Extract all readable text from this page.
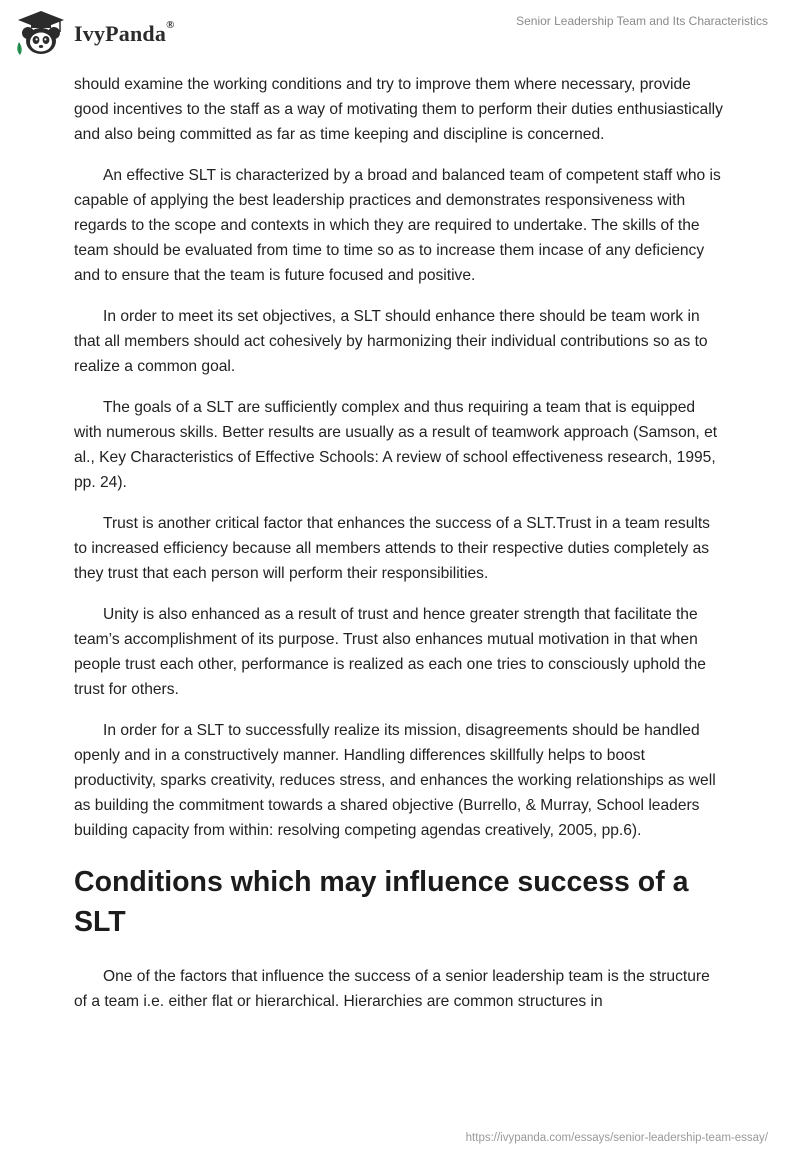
IvyPanda®	Senior Leadership Team and Its Characteristics

should examine the working conditions and try to improve them where necessary, provide good incentives to the staff as a way of motivating them to perform their duties enthusiastically and also being committed as far as time keeping and discipline is concerned.

An effective SLT is characterized by a broad and balanced team of competent staff who is capable of applying the best leadership practices and demonstrates responsiveness with regards to the scope and contexts in which they are required to undertake. The skills of the team should be evaluated from time to time so as to increase them incase of any deficiency and to ensure that the team is future focused and positive.

In order to meet its set objectives, a SLT should enhance there should be team work in that all members should act cohesively by harmonizing their individual contributions so as to realize a common goal.

The goals of a SLT are sufficiently complex and thus requiring a team that is equipped with numerous skills. Better results are usually as a result of teamwork approach (Samson, et al., Key Characteristics of Effective Schools: A review of school effectiveness research, 1995, pp. 24).

Trust is another critical factor that enhances the success of a SLT.Trust in a team results to increased efficiency because all members attends to their respective duties completely as they trust that each person will perform their responsibilities.

Unity is also enhanced as a result of trust and hence greater strength that facilitate the team’s accomplishment of its purpose. Trust also enhances mutual motivation in that when people trust each other, performance is realized as each one tries to consciously uphold the trust for others.

In order for a SLT to successfully realize its mission, disagreements should be handled openly and in a constructively manner. Handling differences skillfully helps to boost productivity, sparks creativity, reduces stress, and enhances the working relationships as well as building the commitment towards a shared objective (Burrello, & Murray, School leaders building capacity from within: resolving competing agendas creatively, 2005, pp.6).

Conditions which may influence success of a SLT

One of the factors that influence the success of a senior leadership team is the structure of a team i.e. either flat or hierarchical. Hierarchies are common structures in

https://ivypanda.com/essays/senior-leadership-team-essay/
